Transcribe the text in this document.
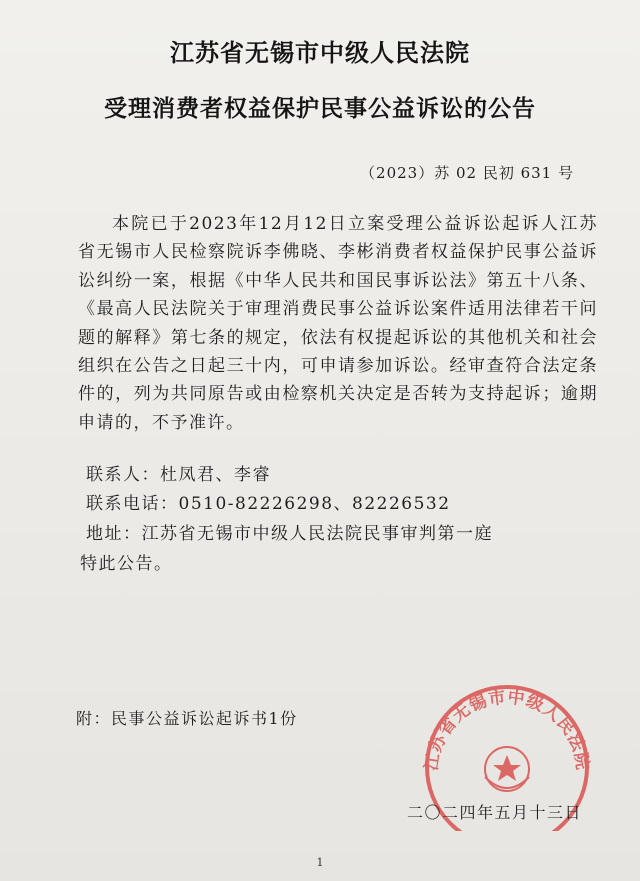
江苏省无锡市中级人民法院
受理消费者权益保护民事公益诉讼的公告
（2023）苏 02 民初 631 号

本院已于2023年12月12日立案受理公益诉讼起诉人江苏省无锡市人民检察院诉李佛晓、李彬消费者权益保护民事公益诉讼纠纷一案，根据《中华人民共和国民事诉讼法》第五十八条、《最高人民法院关于审理消费民事公益诉讼案件适用法律若干问题的解释》第七条的规定，依法有权提起诉讼的其他机关和社会组织在公告之日起三十内，可申请参加诉讼。经审查符合法定条件的，列为共同原告或由检察机关决定是否转为支持起诉；逾期申请的，不予准许。

联系人：杜凤君、李睿
联系电话：0510-82226298、82226532
地址：江苏省无锡市中级人民法院民事审判第一庭
特此公告。
附：民事公益诉讼起诉书1份
江苏省无锡市中级人民法院
二〇二四年五月十三日
1
